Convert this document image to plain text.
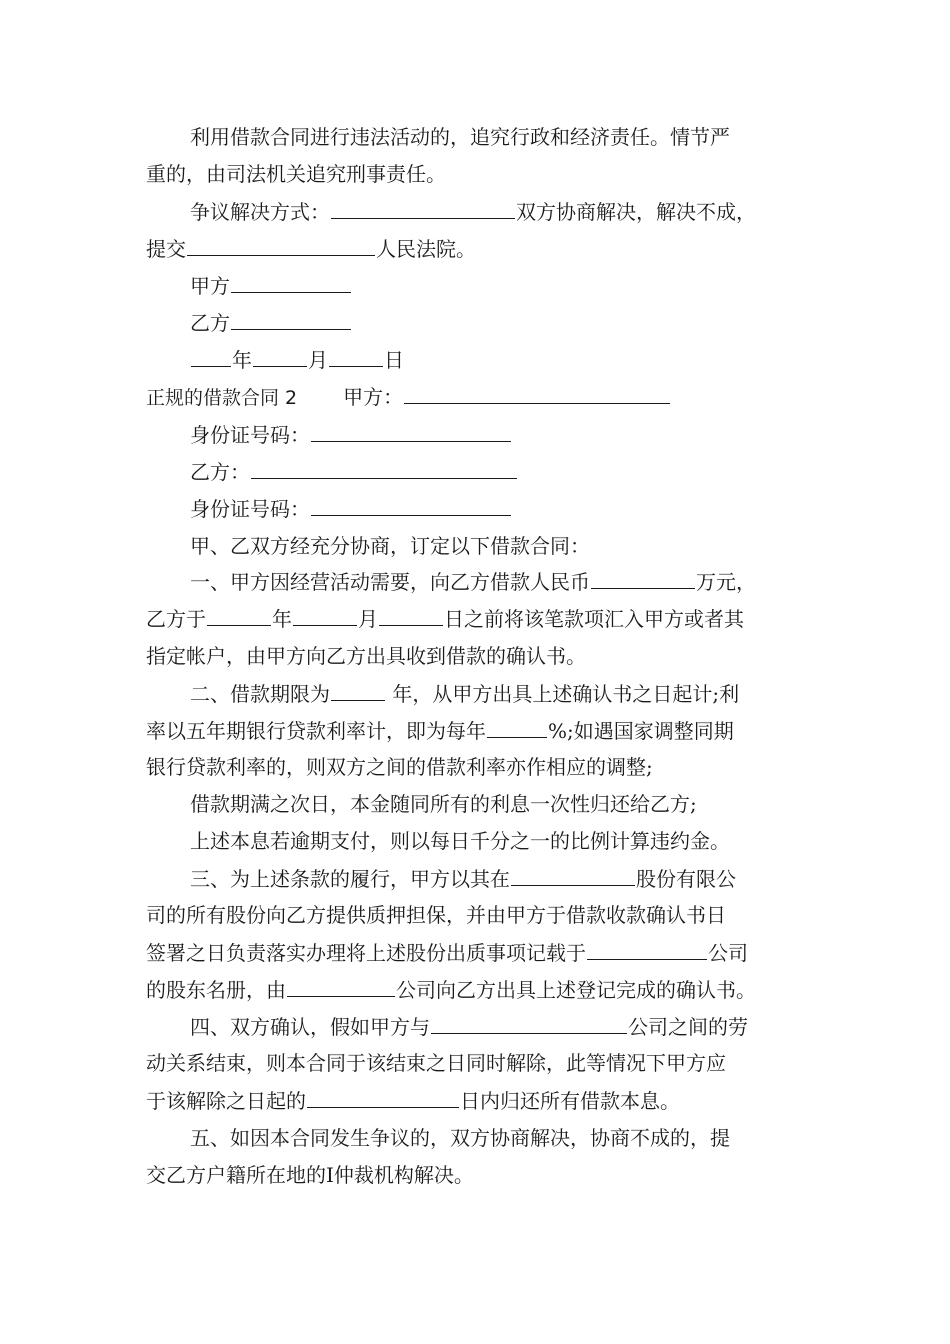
利用借款合同进行违法活动的，追究行政和经济责任。情节严
重的，由司法机关追究刑事责任。
争议解决方式：	双方协商解决，解决不成，
提交	人民法院。
甲方
乙方
年	月	日
正规的借款合同 2 甲方：
身份证号码：
乙方：
身份证号码：
甲、乙双方经充分协商，订定以下借款合同：
一、甲方因经营活动需要，向乙方借款人民币	万元，
乙方于	年	月	日之前将该笔款项汇入甲方或者其
指定帐户，由甲方向乙方出具收到借款的确认书。
二、借款期限为	年，从甲方出具上述确认书之日起计;利
率以五年期银行贷款利率计，即为每年	%;如遇国家调整同期
银行贷款利率的，则双方之间的借款利率亦作相应的调整;
借款期满之次日，本金随同所有的利息一次性归还给乙方;
上述本息若逾期支付，则以每日千分之一的比例计算违约金。
三、为上述条款的履行，甲方以其在	股份有限公
司的所有股份向乙方提供质押担保，并由甲方于借款收款确认书日
签署之日负责落实办理将上述股份出质事项记载于	公司
的股东名册，由	公司向乙方出具上述登记完成的确认书。
四、双方确认，假如甲方与	公司之间的劳
动关系结束，则本合同于该结束之日同时解除，此等情况下甲方应
于该解除之日起的	日内归还所有借款本息。
五、如因本合同发生争议的，双方协商解决，协商不成的，提
交乙方户籍所在地的Ⅰ仲裁机构解决。
